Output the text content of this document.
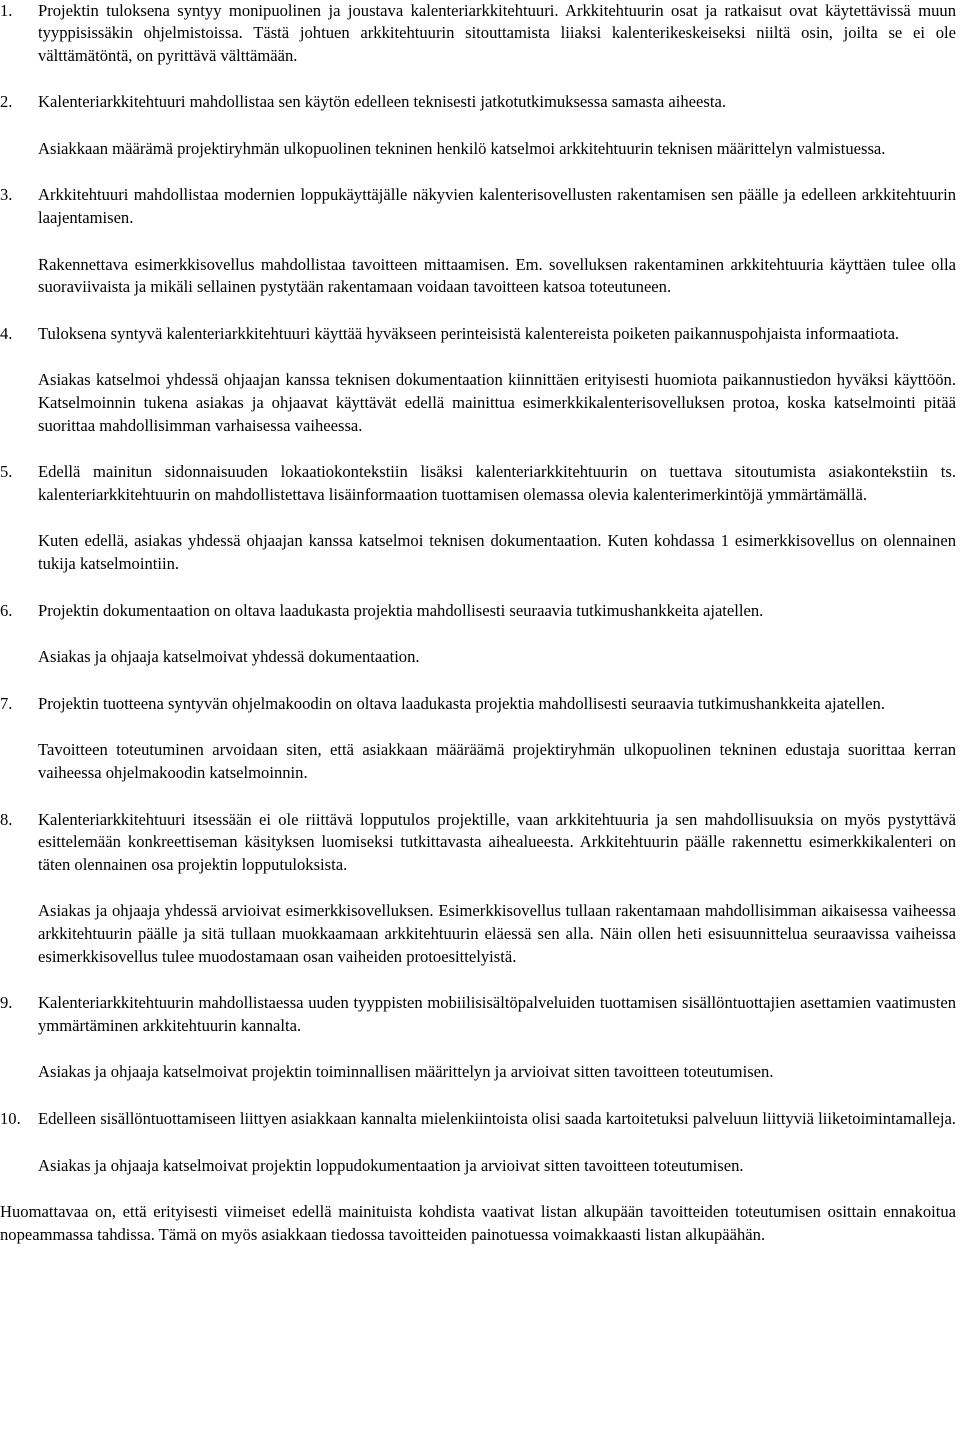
1. Projektin tuloksena syntyy monipuolinen ja joustava kalenteriarkkitehtuuri. Arkkitehtuurin osat ja ratkaisut ovat käytettävissä muun tyyppisissäkin ohjelmistoissa. Tästä johtuen arkkitehtuurin sitouttamista liiaksi kalenterikeskeiseksi niiltä osin, joilta se ei ole välttämätöntä, on pyrittävä välttämään.

2. Kalenteriarkkitehtuuri mahdollistaa sen käytön edelleen teknisesti jatkotutkimuksessa samasta aiheesta.

Asiakkaan määrämä projektiryhmän ulkopuolinen tekninen henkilö katselmoi arkkitehtuurin teknisen määrittelyn valmistuessa.

3. Arkkitehtuuri mahdollistaa modernien loppukäyttäjälle näkyvien kalenterisovellusten rakentamisen sen päälle ja edelleen arkkitehtuurin laajentamisen.

Rakennettava esimerkkisovellus mahdollistaa tavoitteen mittaamisen. Em. sovelluksen rakentaminen arkkitehtuuria käyttäen tulee olla suoraviivaista ja mikäli sellainen pystytään rakentamaan voidaan tavoitteen katsoa toteutuneen.

4. Tuloksena syntyvä kalenteriarkkitehtuuri käyttää hyväkseen perinteisistä kalentereista poiketen paikannuspohjaista informaatiota.

Asiakas katselmoi yhdessä ohjaajan kanssa teknisen dokumentaation kiinnittäen erityisesti huomiota paikannustiedon hyväksi käyttöön. Katselmoinnin tukena asiakas ja ohjaavat käyttävät edellä mainittua esimerkkikalenterisovelluksen protoa, koska katselmointi pitää suorittaa mahdollisimman varhaisessa vaiheessa.

5. Edellä mainitun sidonnaisuuden lokaatiokontekstiin lisäksi kalenteriarkkitehtuurin on tuettava sitoutumista asiakontekstiin ts. kalenteriarkkitehtuurin on mahdollistettava lisäinformaation tuottamisen olemassa olevia kalenterimerkintöjä ymmärtämällä.

Kuten edellä, asiakas yhdessä ohjaajan kanssa katselmoi teknisen dokumentaation. Kuten kohdassa 1 esimerkkisovellus on olennainen tukija katselmointiin.

6. Projektin dokumentaation on oltava laadukasta projektia mahdollisesti seuraavia tutkimushankkeita ajatellen.

Asiakas ja ohjaaja katselmoivat yhdessä dokumentaation.

7. Projektin tuotteena syntyvän ohjelmakoodin on oltava laadukasta projektia mahdollisesti seuraavia tutkimushankkeita ajatellen.

Tavoitteen toteutuminen arvoidaan siten, että asiakkaan määräämä projektiryhmän ulkopuolinen tekninen edustaja suorittaa kerran vaiheessa ohjelmakoodin katselmoinnin.

8. Kalenteriarkkitehtuuri itsessään ei ole riittävä lopputulos projektille, vaan arkkitehtuuria ja sen mahdollisuuksia on myös pystyttävä esittelemään konkreettiseman käsityksen luomiseksi tutkittavasta aihealueesta. Arkkitehtuurin päälle rakennettu esimerkkikalenteri on täten olennainen osa projektin lopputuloksista.

Asiakas ja ohjaaja yhdessä arvioivat esimerkkisovelluksen. Esimerkkisovellus tullaan rakentamaan mahdollisimman aikaisessa vaiheessa arkkitehtuurin päälle ja sitä tullaan muokkaamaan arkkitehtuurin eläessä sen alla. Näin ollen heti esisuunnittelua seuraavissa vaiheissa esimerkkisovellus tulee muodostamaan osan vaiheiden protoesittelyistä.

9. Kalenteriarkkitehtuurin mahdollistaessa uuden tyyppisten mobiilisisältöpalveluiden tuottamisen sisällöntuottajien asettamien vaatimusten ymmärtäminen arkkitehtuurin kannalta.

Asiakas ja ohjaaja katselmoivat projektin toiminnallisen määrittelyn ja arvioivat sitten tavoitteen toteutumisen.

10. Edelleen sisällöntuottamiseen liittyen asiakkaan kannalta mielenkiintoista olisi saada kartoitetuksi palveluun liittyviä liiketoimintamalleja.

Asiakas ja ohjaaja katselmoivat projektin loppudokumentaation ja arvioivat sitten tavoitteen toteutumisen.

Huomattavaa on, että erityisesti viimeiset edellä mainituista kohdista vaativat listan alkupään tavoitteiden toteutumisen osittain ennakoitua nopeammassa tahdissa. Tämä on myös asiakkaan tiedossa tavoitteiden painotuessa voimakkaasti listan alkupäähän.
